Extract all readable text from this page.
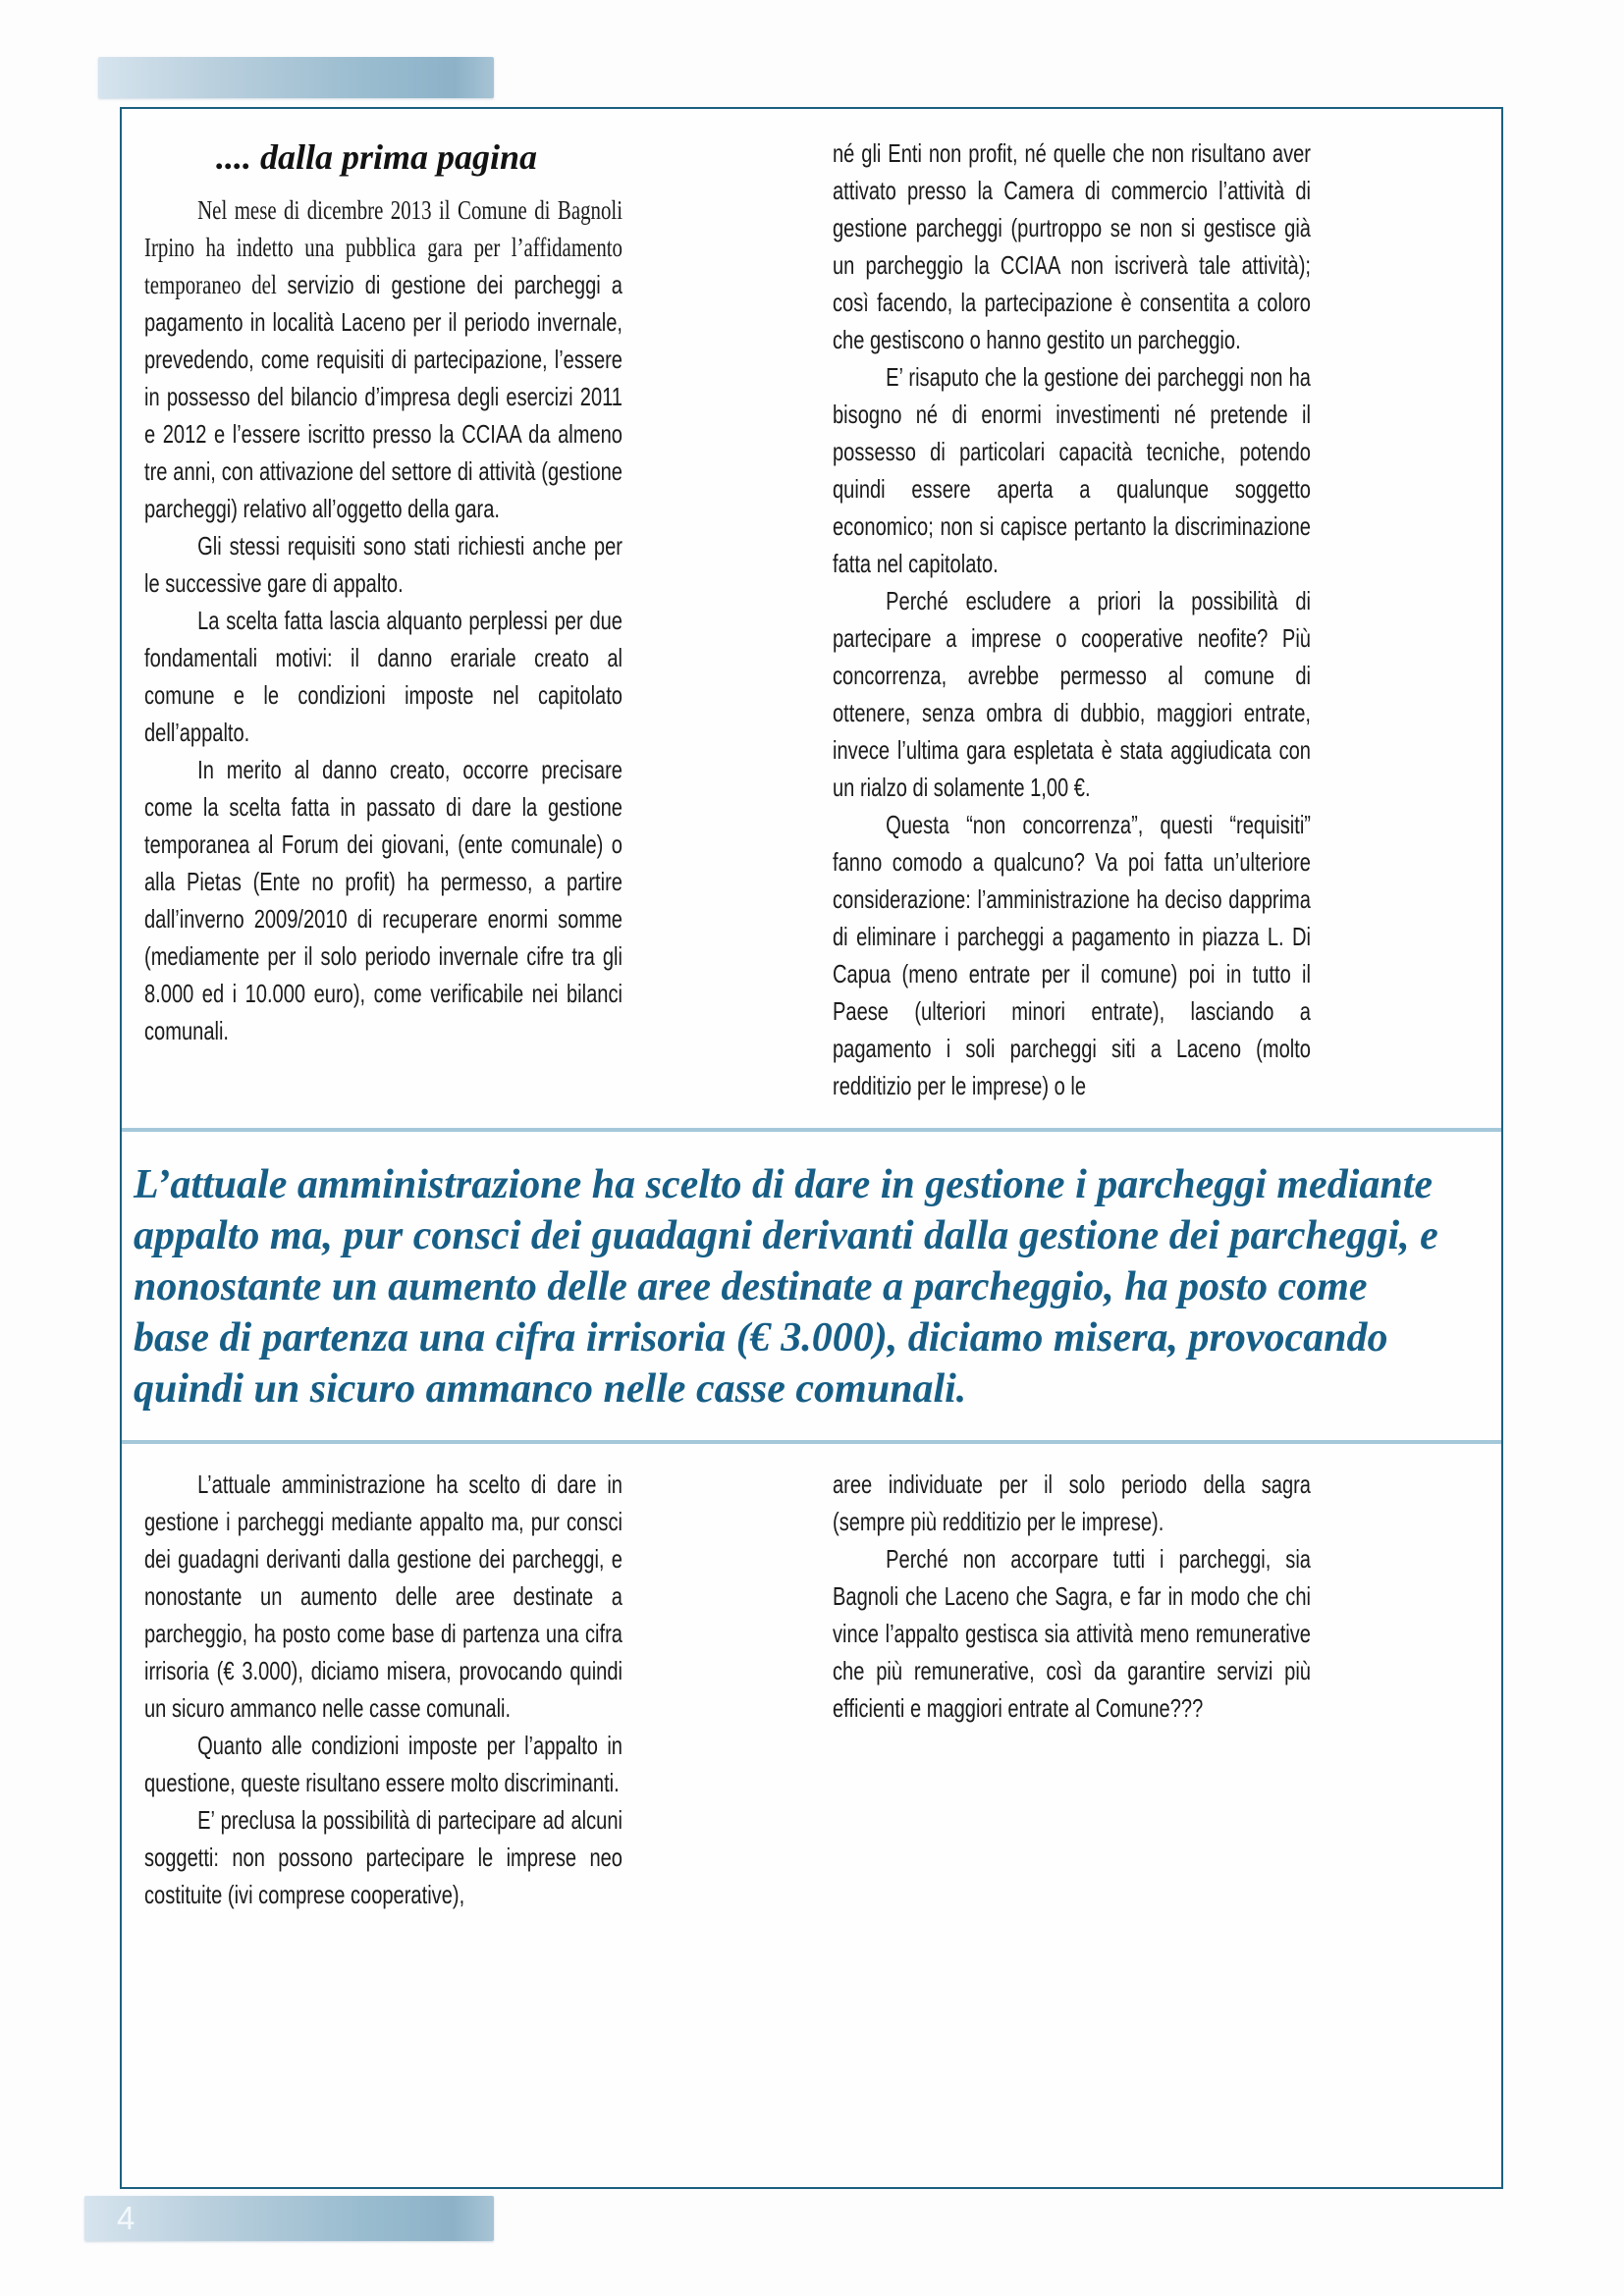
.... dalla prima pagina

Nel mese di dicembre 2013 il Comune di Bagnoli Irpino ha indetto una pubblica gara per l’affidamento temporaneo del servizio di gestione dei parcheggi a pagamento in località Laceno per il periodo invernale, prevedendo, come requisiti di partecipazione, l’essere in possesso del bilancio d’impresa degli esercizi 2011 e 2012 e l’essere iscritto presso la CCIAA da almeno tre anni, con attivazione del settore di attività (gestione parcheggi) relativo all’oggetto della gara.

Gli stessi requisiti sono stati richiesti anche per le successive gare di appalto.

La scelta fatta lascia alquanto perplessi per due fondamentali motivi: il danno erariale creato al comune e le condizioni imposte nel capitolato dell’appalto.

In merito al danno creato, occorre precisare come la scelta fatta in passato di dare la gestione temporanea al Forum dei giovani, (ente comunale) o alla Pietas (Ente no profit) ha permesso, a partire dall’inverno 2009/2010 di recuperare enormi somme (mediamente per il solo periodo invernale cifre tra gli 8.000 ed i 10.000 euro), come verificabile nei bilanci comunali.

né gli Enti non profit, né quelle che non risultano aver attivato presso la Camera di commercio l’attività di gestione parcheggi (purtroppo se non si gestisce già un parcheggio la CCIAA non iscriverà tale attività); così facendo, la partecipazione è consentita a coloro che gestiscono o hanno gestito un parcheggio.

E’ risaputo che la gestione dei parcheggi non ha bisogno né di enormi investimenti né pretende il possesso di particolari capacità tecniche, potendo quindi essere aperta a qualunque soggetto economico; non si capisce pertanto la discriminazione fatta nel capitolato.

Perché escludere a priori la possibilità di partecipare a imprese o cooperative neofite? Più concorrenza, avrebbe permesso al comune di ottenere, senza ombra di dubbio, maggiori entrate, invece l’ultima gara espletata è stata aggiudicata con un rialzo di solamente 1,00 €.

Questa “non concorrenza”, questi “requisiti” fanno comodo a qualcuno? Va poi fatta un’ulteriore considerazione: l’amministrazione ha deciso dapprima di eliminare i parcheggi a pagamento in piazza L. Di Capua (meno entrate per il comune) poi in tutto il Paese (ulteriori minori entrate), lasciando a pagamento i soli parcheggi siti a Laceno (molto redditizio per le imprese) o le

L’attuale amministrazione ha scelto di dare in gestione i parcheggi mediante appalto ma, pur consci dei guadagni derivanti dalla gestione dei parcheggi, e nonostante un aumento delle aree destinate a parcheggio, ha posto come base di partenza una cifra irrisoria (€ 3.000), diciamo misera, provocando quindi un sicuro ammanco nelle casse comunali.

L’attuale amministrazione ha scelto di dare in gestione i parcheggi mediante appalto ma, pur consci dei guadagni derivanti dalla gestione dei parcheggi, e nonostante un aumento delle aree destinate a parcheggio, ha posto come base di partenza una cifra irrisoria (€ 3.000), diciamo misera, provocando quindi un sicuro ammanco nelle casse comunali.

Quanto alle condizioni imposte per l’appalto in questione, queste risultano essere molto discriminanti.

E’ preclusa la possibilità di partecipare ad alcuni soggetti: non possono partecipare le imprese neo costituite (ivi comprese cooperative),

aree individuate per il solo periodo della sagra (sempre più redditizio per le imprese).

Perché non accorpare tutti i parcheggi, sia Bagnoli che Laceno che Sagra, e far in modo che chi vince l’appalto gestisca sia attività meno remunerative che più remunerative, così da garantire servizi più efficienti e maggiori entrate al Comune???

4
